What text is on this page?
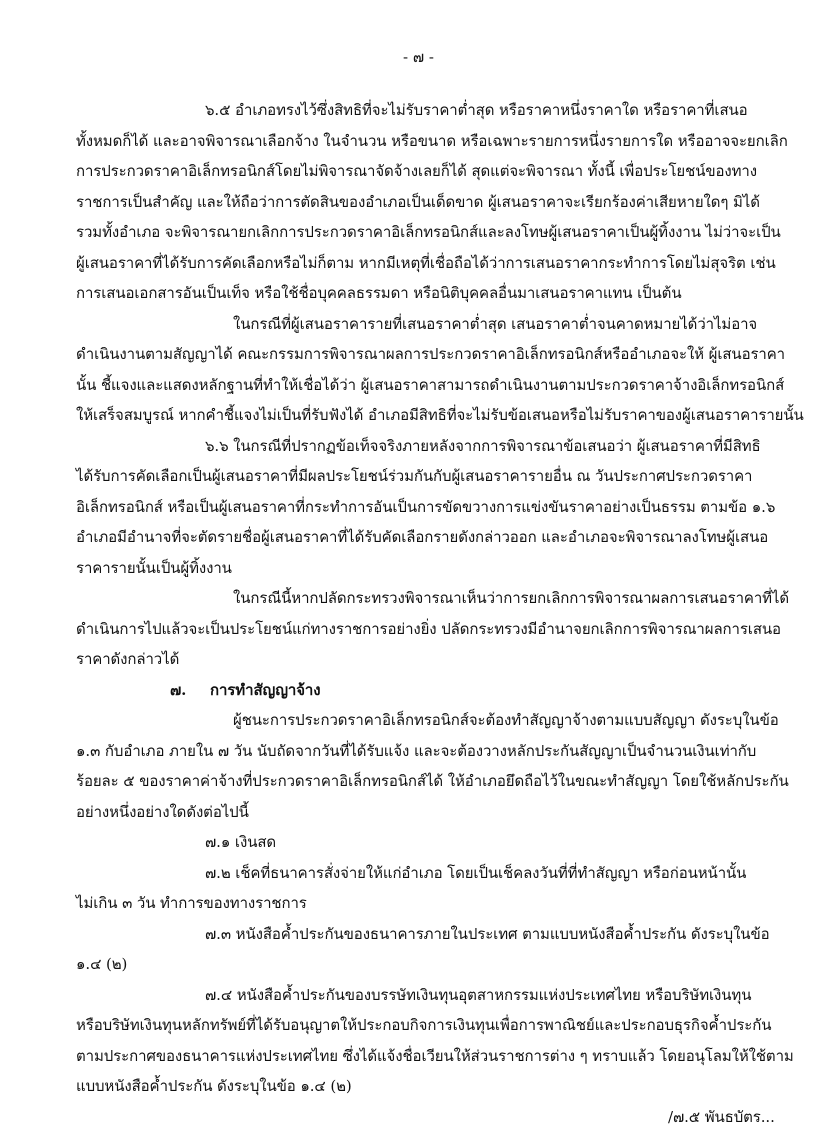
- ๗ -
๖.๕ อำเภอทรงไว้ซึ่งสิทธิที่จะไม่รับราคาต่ำสุด หรือราคาหนึ่งราคาใด หรือราคาที่เสนอ
ทั้งหมดก็ได้ และอาจพิจารณาเลือกจ้าง ในจำนวน หรือขนาด หรือเฉพาะรายการหนึ่งรายการใด หรืออาจจะยกเลิก
การประกวดราคาอิเล็กทรอนิกส์โดยไม่พิจารณาจัดจ้างเลยก็ได้ สุดแต่จะพิจารณา ทั้งนี้ เพื่อประโยชน์ของทาง
ราชการเป็นสำคัญ และให้ถือว่าการตัดสินของอำเภอเป็นเด็ดขาด ผู้เสนอราคาจะเรียกร้องค่าเสียหายใดๆ มิได้
รวมทั้งอำเภอ จะพิจารณายกเลิกการประกวดราคาอิเล็กทรอนิกส์และลงโทษผู้เสนอราคาเป็นผู้ทิ้งงาน ไม่ว่าจะเป็น
ผู้เสนอราคาที่ได้รับการคัดเลือกหรือไม่ก็ตาม หากมีเหตุที่เชื่อถือได้ว่าการเสนอราคากระทำการโดยไม่สุจริต เช่น
การเสนอเอกสารอันเป็นเท็จ หรือใช้ชื่อบุคคลธรรมดา หรือนิติบุคคลอื่นมาเสนอราคาแทน เป็นต้น
ในกรณีที่ผู้เสนอราคารายที่เสนอราคาต่ำสุด เสนอราคาต่ำจนคาดหมายได้ว่าไม่อาจ
ดำเนินงานตามสัญญาได้ คณะกรรมการพิจารณาผลการประกวดราคาอิเล็กทรอนิกส์หรืออำเภอจะให้ ผู้เสนอราคา
นั้น ชี้แจงและแสดงหลักฐานที่ทำให้เชื่อได้ว่า ผู้เสนอราคาสามารถดำเนินงานตามประกวดราคาจ้างอิเล็กทรอนิกส์
ให้เสร็จสมบูรณ์ หากคำชี้แจงไม่เป็นที่รับฟังได้ อำเภอมีสิทธิที่จะไม่รับข้อเสนอหรือไม่รับราคาของผู้เสนอราคารายนั้น
๖.๖ ในกรณีที่ปรากฏข้อเท็จจริงภายหลังจากการพิจารณาข้อเสนอว่า ผู้เสนอราคาที่มีสิทธิ
ได้รับการคัดเลือกเป็นผู้เสนอราคาที่มีผลประโยชน์ร่วมกันกับผู้เสนอราคารายอื่น ณ วันประกาศประกวดราคา
อิเล็กทรอนิกส์ หรือเป็นผู้เสนอราคาที่กระทำการอันเป็นการขัดขวางการแข่งขันราคาอย่างเป็นธรรม ตามข้อ ๑.๖
อำเภอมีอำนาจที่จะตัดรายชื่อผู้เสนอราคาที่ได้รับคัดเลือกรายดังกล่าวออก และอำเภอจะพิจารณาลงโทษผู้เสนอ
ราคารายนั้นเป็นผู้ทิ้งงาน
ในกรณีนี้หากปลัดกระทรวงพิจารณาเห็นว่าการยกเลิกการพิจารณาผลการเสนอราคาที่ได้
ดำเนินการไปแล้วจะเป็นประโยชน์แก่ทางราชการอย่างยิ่ง ปลัดกระทรวงมีอำนาจยกเลิกการพิจารณาผลการเสนอ
ราคาดังกล่าวได้
๗. การทำสัญญาจ้าง
ผู้ชนะการประกวดราคาอิเล็กทรอนิกส์จะต้องทำสัญญาจ้างตามแบบสัญญา ดังระบุในข้อ
๑.๓ กับอำเภอ ภายใน ๗ วัน นับถัดจากวันที่ได้รับแจ้ง และจะต้องวางหลักประกันสัญญาเป็นจำนวนเงินเท่ากับ
ร้อยละ ๕ ของราคาค่าจ้างที่ประกวดราคาอิเล็กทรอนิกส์ได้ ให้อำเภอยึดถือไว้ในขณะทำสัญญา โดยใช้หลักประกัน
อย่างหนึ่งอย่างใดดังต่อไปนี้
๗.๑ เงินสด
๗.๒ เช็คที่ธนาคารสั่งจ่ายให้แก่อำเภอ โดยเป็นเช็คลงวันที่ที่ทำสัญญา หรือก่อนหน้านั้น
ไม่เกิน ๓ วัน ทำการของทางราชการ
๗.๓ หนังสือค้ำประกันของธนาคารภายในประเทศ ตามแบบหนังสือค้ำประกัน ดังระบุในข้อ
๑.๔ (๒)
๗.๔ หนังสือค้ำประกันของบรรษัทเงินทุนอุตสาหกรรมแห่งประเทศไทย หรือบริษัทเงินทุน
หรือบริษัทเงินทุนหลักทรัพย์ที่ได้รับอนุญาตให้ประกอบกิจการเงินทุนเพื่อการพาณิชย์และประกอบธุรกิจค้ำประกัน
ตามประกาศของธนาคารแห่งประเทศไทย ซึ่งได้แจ้งชื่อเวียนให้ส่วนราชการต่าง ๆ ทราบแล้ว โดยอนุโลมให้ใช้ตาม
แบบหนังสือค้ำประกัน ดังระบุในข้อ ๑.๔ (๒)
/๗.๕ พันธบัตร...
